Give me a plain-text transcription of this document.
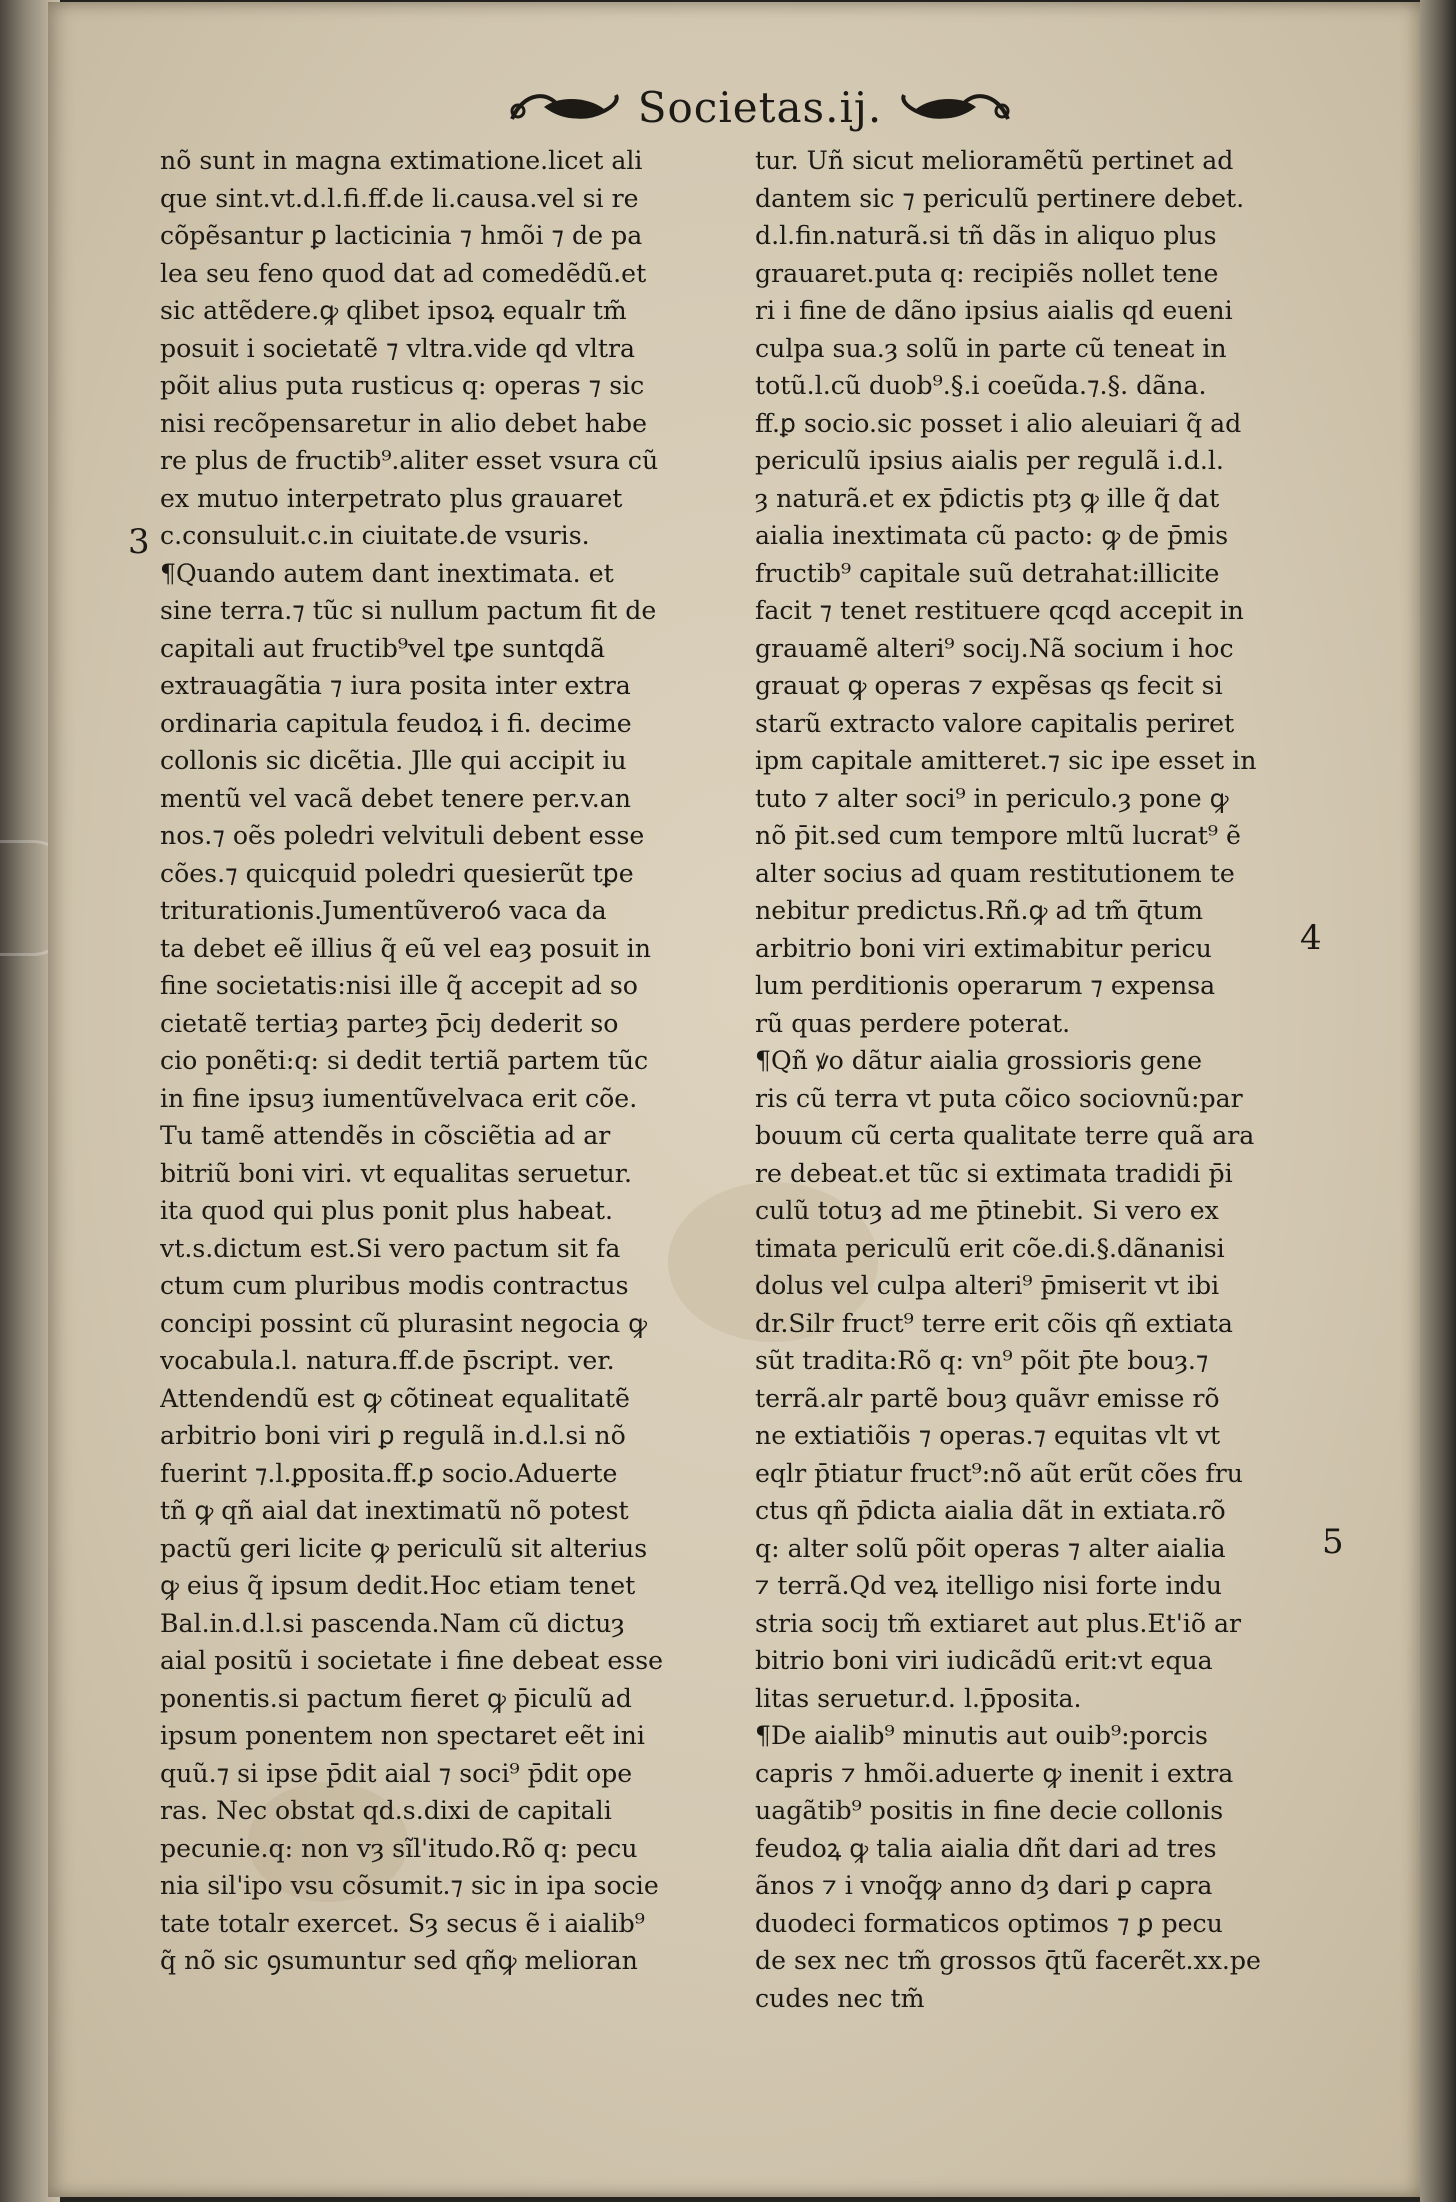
Societas.ij.
nõ sunt in magna extimatione.licet ali
que sint.vt.d.l.fi.ff.de li.causa.vel si re
cõpẽsantur ꝑ lacticinia ⁊ hmõi ⁊ de pa
lea seu feno quod dat ad comedẽdũ.et
sic attẽdere.ꝙ qlibet ipsoꝝ equalr tm̃
posuit i societatẽ ⁊ vltra.vide qd vltra
põit alius puta rusticus q: operas ⁊ sic
nisi recõpensaretur in alio debet habe
re plus de fructib⁹.aliter esset vsura cũ
ex mutuo interpetrato plus grauaret
c.consuluit.c.in ciuitate.de vsuris.
¶Quando autem dant inextimata. et
sine terra.⁊ tũc si nullum pactum fit de
capitali aut fructib⁹vel tꝑe suntqdã
extrauagãtia ⁊ iura posita inter extra
ordinaria capitula feudoꝝ i fi. decime
collonis sic dicẽtia. Jlle qui accipit iu
mentũ vel vacã debet tenere per.v.an
nos.⁊ oẽs poledri velvituli debent esse
cões.⁊ quicquid poledri quesierũt tꝑe
triturationis.Jumentũveroỽ vaca da
ta debet eẽ illius q̃ eũ vel eaȝ posuit in
fine societatis:nisi ille q̃ accepit ad so
cietatẽ tertiaȝ parteȝ p̄ciȷ dederit so
cio ponẽti:q: si dedit tertiã partem tũc
in fine ipsuȝ iumentũvelvaca erit cõe.
Tu tamẽ attendẽs in cõsciẽtia ad ar
bitriũ boni viri. vt equalitas seruetur.
ita quod qui plus ponit plus habeat.
vt.s.dictum est.Si vero pactum sit fa
ctum cum pluribus modis contractus
concipi possint cũ plurasint negocia ꝙ
vocabula.l. natura.ff.de p̄script. ver.
Attendendũ est ꝙ cõtineat equalitatẽ
arbitrio boni viri ꝑ regulã in.d.l.si nõ
fuerint ⁊.l.ꝑposita.ff.ꝑ socio.Aduerte
tñ ꝙ qñ aial dat inextimatũ nõ potest
pactũ geri licite ꝙ periculũ sit alterius
ꝙ eius q̃ ipsum dedit.Hoc etiam tenet
Bal.in.d.l.si pascenda.Nam cũ dictuȝ
aial positũ i societate i fine debeat esse
ponentis.si pactum fieret ꝙ p̄iculũ ad
ipsum ponentem non spectaret eẽt ini
quũ.⁊ si ipse p̄dit aial ⁊ soci⁹ p̄dit ope
ras. Nec obstat qd.s.dixi de capitali
pecunie.q: non vȝ sĩl'itudo.Rõ q: pecu
nia sil'ipo vsu cõsumit.⁊ sic in ipa socie
tate totalr exercet. Sȝ secus ẽ i aialib⁹
q̃ nõ sic ꝯsumuntur sed qñꝙ melioran
tur. Uñ sicut melioramẽtũ pertinet ad
dantem sic ⁊ periculũ pertinere debet.
d.l.fin.naturã.si tñ dãs in aliquo plus
grauaret.puta q: recipiẽs nollet tene
ri i fine de dãno ipsius aialis qd eueni
culpa sua.ȝ solũ in parte cũ teneat in
totũ.l.cũ duob⁹.§.i coeũda.⁊.§. dãna.
ff.ꝑ socio.sic posset i alio aleuiari q̃ ad
periculũ ipsius aialis per regulã i.d.l.
ȝ naturã.et ex p̄dictis ptȝ ꝙ ille q̃ dat
aialia inextimata cũ pacto: ꝙ de p̄mis
fructib⁹ capitale suũ detrahat:illicite
facit ⁊ tenet restituere qcqd accepit in
grauamẽ alteri⁹ sociȷ.Nã socium i hoc
grauat ꝙ operas ⁊ expẽsas qs fecit si
starũ extracto valore capitalis periret
ipm capitale amitteret.⁊ sic ipe esset in
tuto ⁊ alter soci⁹ in periculo.ȝ pone ꝙ
nõ p̄it.sed cum tempore mltũ lucrat⁹ ẽ
alter socius ad quam restitutionem te
nebitur predictus.Rñ.ꝙ ad tm̃ q̄tum
arbitrio boni viri extimabitur pericu
lum perditionis operarum ⁊ expensa
rũ quas perdere poterat.
¶Qñ ꝟo dãtur aialia grossioris gene
ris cũ terra vt puta cõico sociovnũ:par
bouum cũ certa qualitate terre quã ara
re debeat.et tũc si extimata tradidi p̄i
culũ totuȝ ad me p̄tinebit. Si vero ex
timata periculũ erit cõe.di.§.dãnanisi
dolus vel culpa alteri⁹ p̄miserit vt ibi
dr.Silr fruct⁹ terre erit cõis qñ extiata
sũt tradita:Rõ q: vn⁹ põit p̄te bouȝ.⁊
terrã.alr partẽ bouȝ quãvr emisse rõ
ne extiatiõis ⁊ operas.⁊ equitas vlt vt
eqlr p̄tiatur fruct⁹:nõ aũt erũt cões fru
ctus qñ p̄dicta aialia dãt in extiata.rõ
q: alter solũ põit operas ⁊ alter aialia
⁊ terrã.Qd veꝝ itelligo nisi forte indu
stria sociȷ tm̃ extiaret aut plus.Et'iõ ar
bitrio boni viri iudicãdũ erit:vt equa
litas seruetur.d. l.p̄posita.
¶De aialib⁹ minutis aut ouib⁹:porcis
capris ⁊ hmõi.aduerte ꝙ inenit i extra
uagãtib⁹ positis in fine decie collonis
feudoꝝ ꝙ talia aialia dñt dari ad tres
ãnos ⁊ i vnoq̃ꝙ anno dȝ dari ꝑ capra
duodeci formaticos optimos ⁊ ꝑ pecu
de sex nec tm̃ grossos q̄tũ facerẽt.xx.pe
cudes nec tm̃
3
4
5
